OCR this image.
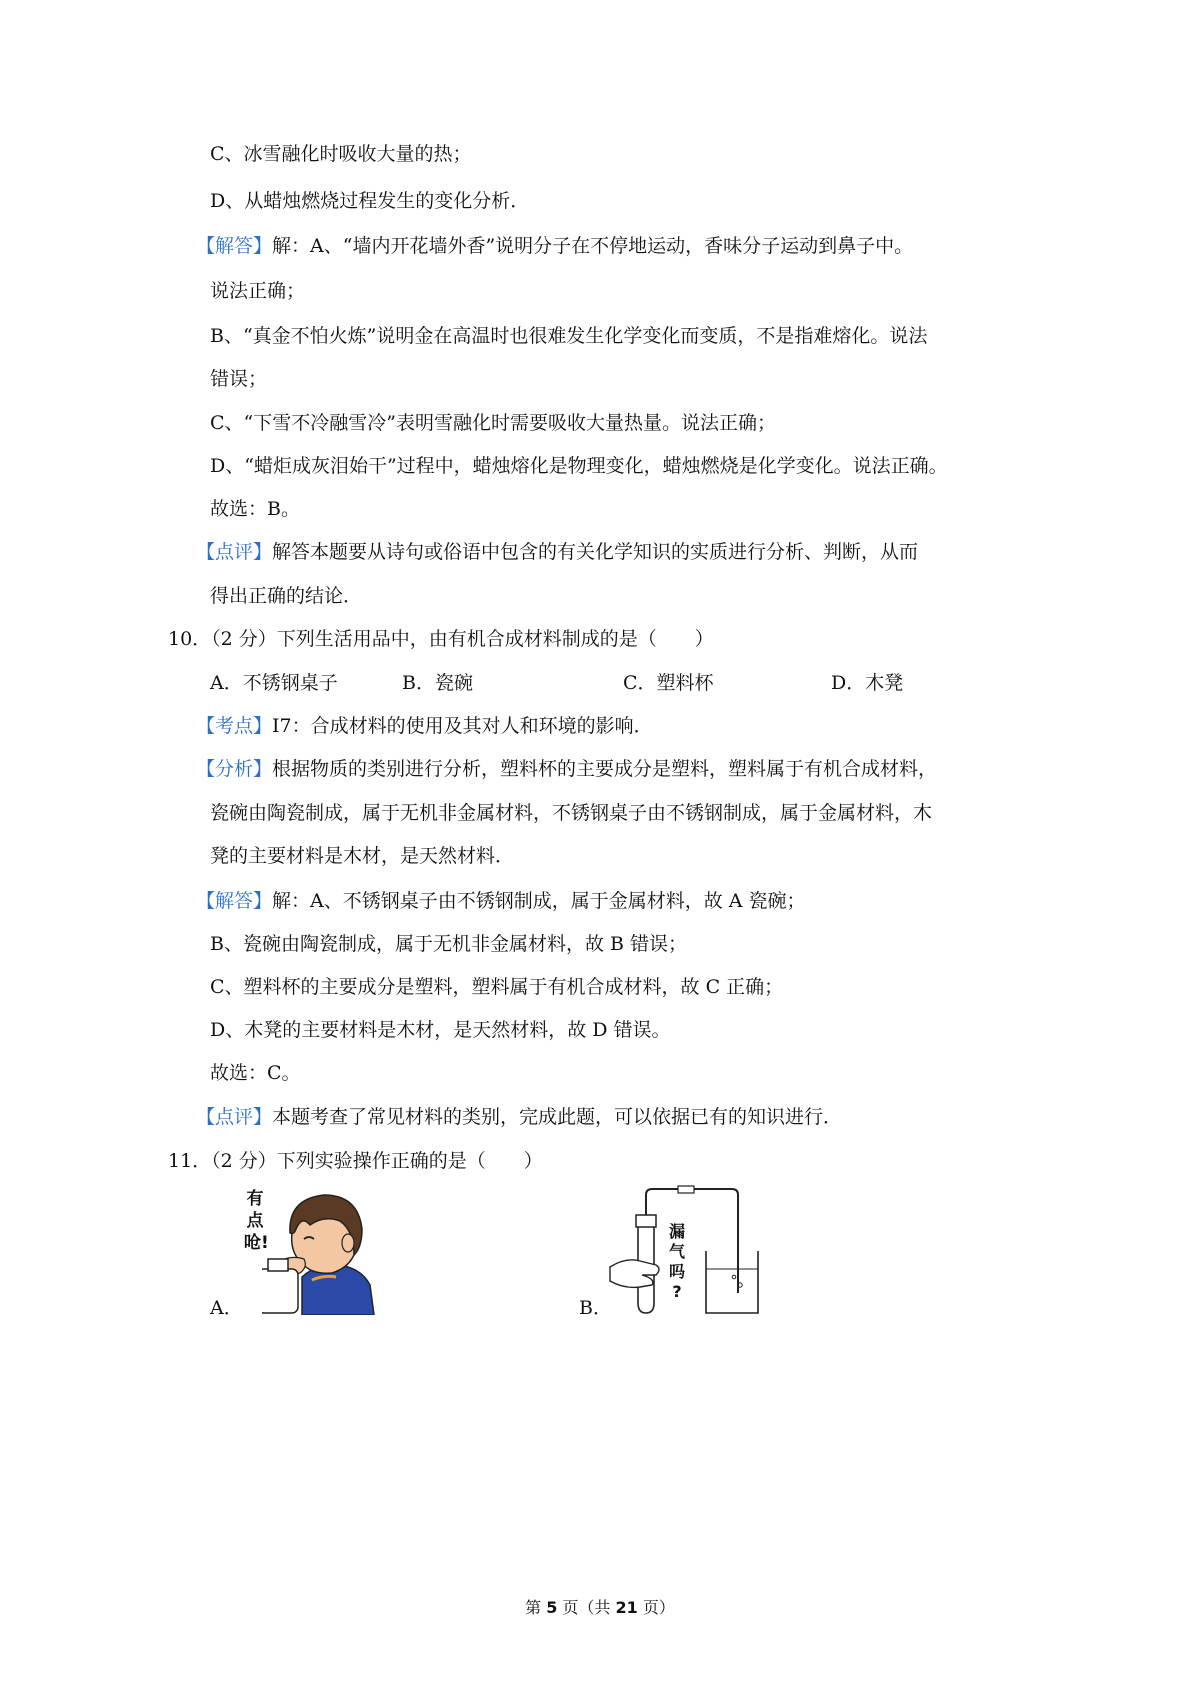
C、冰雪融化时吸收大量的热；
D、从蜡烛燃烧过程发生的变化分析．
【解答】解：A、“墙内开花墙外香”说明分子在不停地运动，香味分子运动到鼻子中。
说法正确；
B、“真金不怕火炼”说明金在高温时也很难发生化学变化而变质，不是指难熔化。说法
错误；
C、“下雪不冷融雪冷”表明雪融化时需要吸收大量热量。说法正确；
D、“蜡炬成灰泪始干”过程中，蜡烛熔化是物理变化，蜡烛燃烧是化学变化。说法正确。
故选：B。
【点评】解答本题要从诗句或俗语中包含的有关化学知识的实质进行分析、判断，从而
得出正确的结论．
10．（2 分）下列生活用品中，由有机合成材料制成的是（　　）
A．不锈钢桌子	B．瓷碗	C．塑料杯	D．木凳
【考点】I7：合成材料的使用及其对人和环境的影响．
【分析】根据物质的类别进行分析，塑料杯的主要成分是塑料，塑料属于有机合成材料，
瓷碗由陶瓷制成，属于无机非金属材料，不锈钢桌子由不锈钢制成，属于金属材料，木
凳的主要材料是木材，是天然材料．
【解答】解：A、不锈钢桌子由不锈钢制成，属于金属材料，故 A 瓷碗；
B、瓷碗由陶瓷制成，属于无机非金属材料，故 B 错误；
C、塑料杯的主要成分是塑料，塑料属于有机合成材料，故 C 正确；
D、木凳的主要材料是木材，是天然材料，故 D 错误。
故选：C。
【点评】本题考查了常见材料的类别，完成此题，可以依据已有的知识进行．
11．（2 分）下列实验操作正确的是（　　）
A．
有
点
呛!
B．
漏
气
吗
?
第 5 页（共 21 页）
